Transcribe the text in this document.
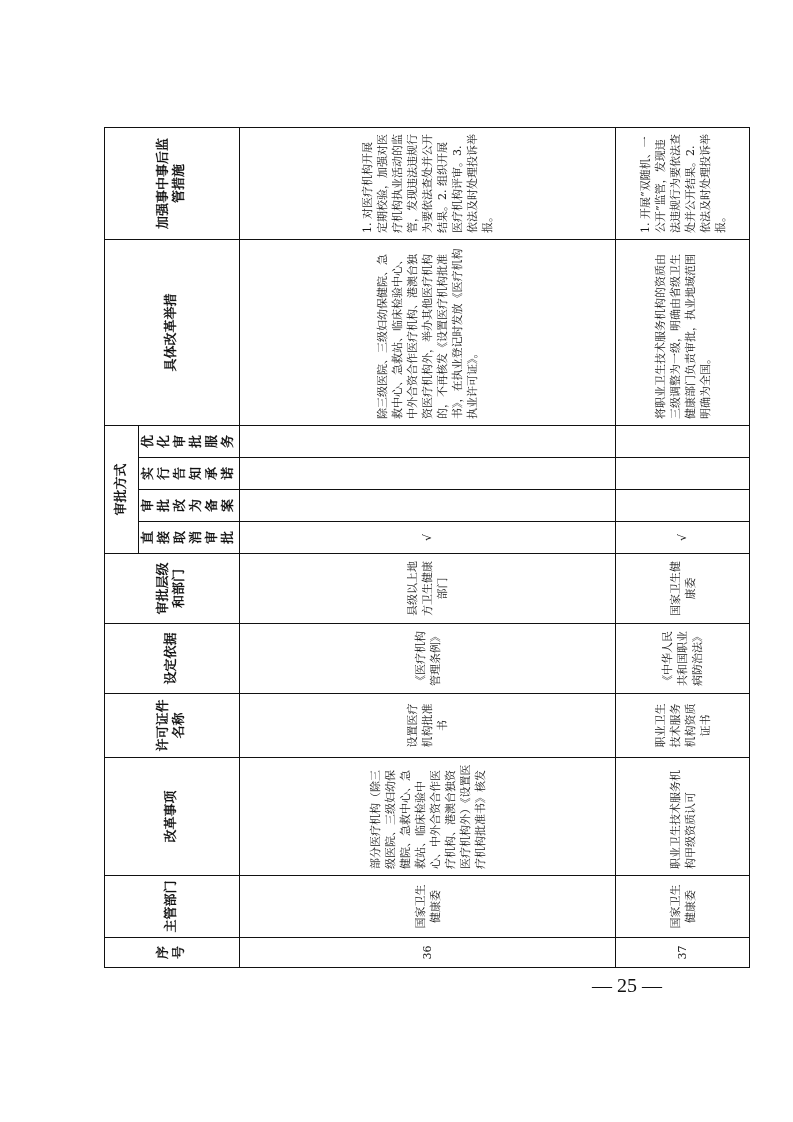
序号	主管部门	改革事项	许可证件名称	设定依据	审批层级和部门	审批方式				具体改革举措	加强事中事后监管措施
						直接取消审批	审批改为备案	实行告知承诺	优化审批服务		
36	国家卫生健康委	部分医疗机构（除三级医院、三级妇幼保健院、急救中心、急救站、临床检验中心、中外合资合作医疗机构、港澳台独资医疗机构外）《设置医疗机构批准书》核发	设置医疗机构批准书	《医疗机构管理条例》	县级以上地方卫生健康部门	√				除三级医院、三级妇幼保健院、急救中心、急救站、临床检验中心、中外合资合作医疗机构、港澳台独资医疗机构外，举办其他医疗机构的，不再核发《设置医疗机构批准书》，在执业登记时发放《医疗机构执业许可证》。	1. 对医疗机构开展定期校验，加强对医疗机构执业活动的监管，发现违法违规行为要依法查处并公开结果。2. 组织开展医疗机构评审。3. 依法及时处理投诉举报。
37	国家卫生健康委	职业卫生技术服务机构甲级资质认可	职业卫生技术服务机构资质证书	《中华人民共和国职业病防治法》	国家卫生健康委	√				将职业卫生技术服务机构的资质由三级调整为一级，明确由省级卫生健康部门负责审批，执业地域范围明确为全国。	1. 开展“双随机、一公开”监管，发现违法违规行为要依法查处并公开结果。2. 依法及时处理投诉举报。
— 25 —
